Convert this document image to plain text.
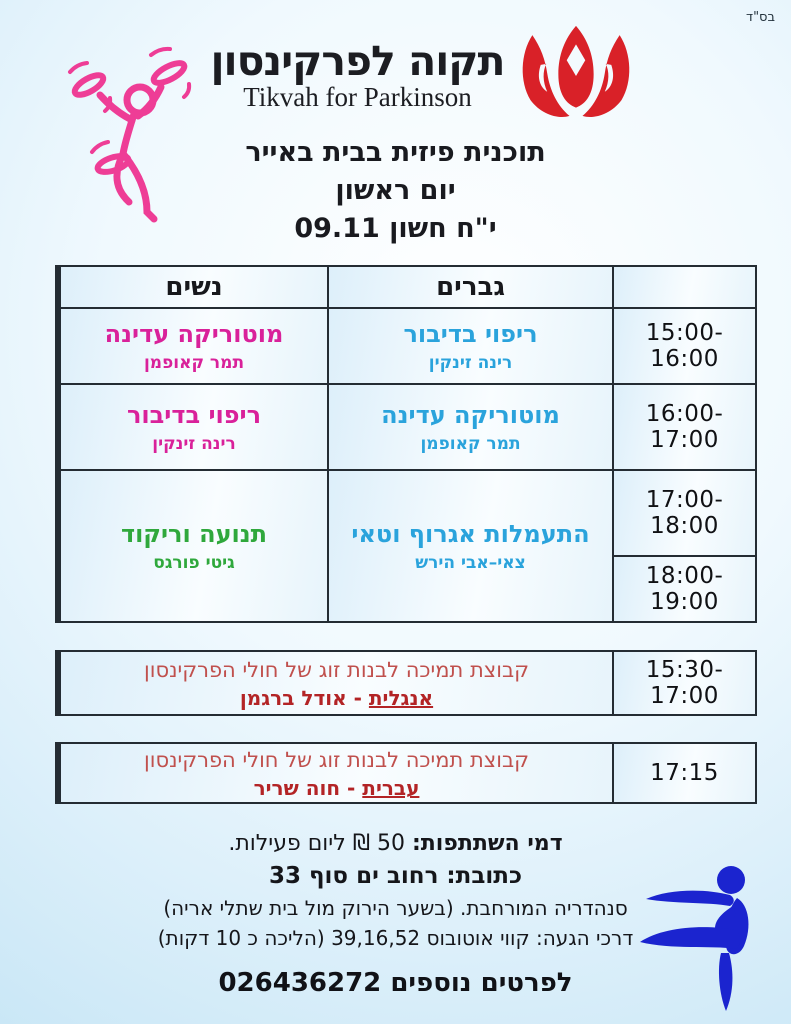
בס"ד
תקוה לפרקינסון
Tikvah for Parkinson
תוכנית פיזית בבית באייר
יום ראשון
י"ח חשון 09.11
גברים
נשים
15:00-16:00
ריפוי בדיבור
רינה זינקין
מוטוריקה עדינה
תמר קאופמן
16:00-17:00
מוטוריקה עדינה
תמר קאופמן
ריפוי בדיבור
רינה זינקין
17:00-18:00
18:00-19:00
התעמלות אגרוף וטאי
צאי–אבי הירש
תנועה וריקוד
גיטי פורגס
15:30-17:00
קבוצת תמיכה לבנות זוג של חולי הפרקינסון
אנגלית - אודל ברגמן
17:15
קבוצת תמיכה לבנות זוג של חולי הפרקינסון
עברית - חוה שריר
דמי השתתפות: 50 ₪ ליום פעילות.
כתובת: רחוב ים סוף 33
סנהדריה המורחבת. (בשער הירוק מול בית שתלי אריה)
דרכי הגעה: קווי אוטובוס 39,16,52 (הליכה כ 10 דקות)
לפרטים נוספים 026436272
